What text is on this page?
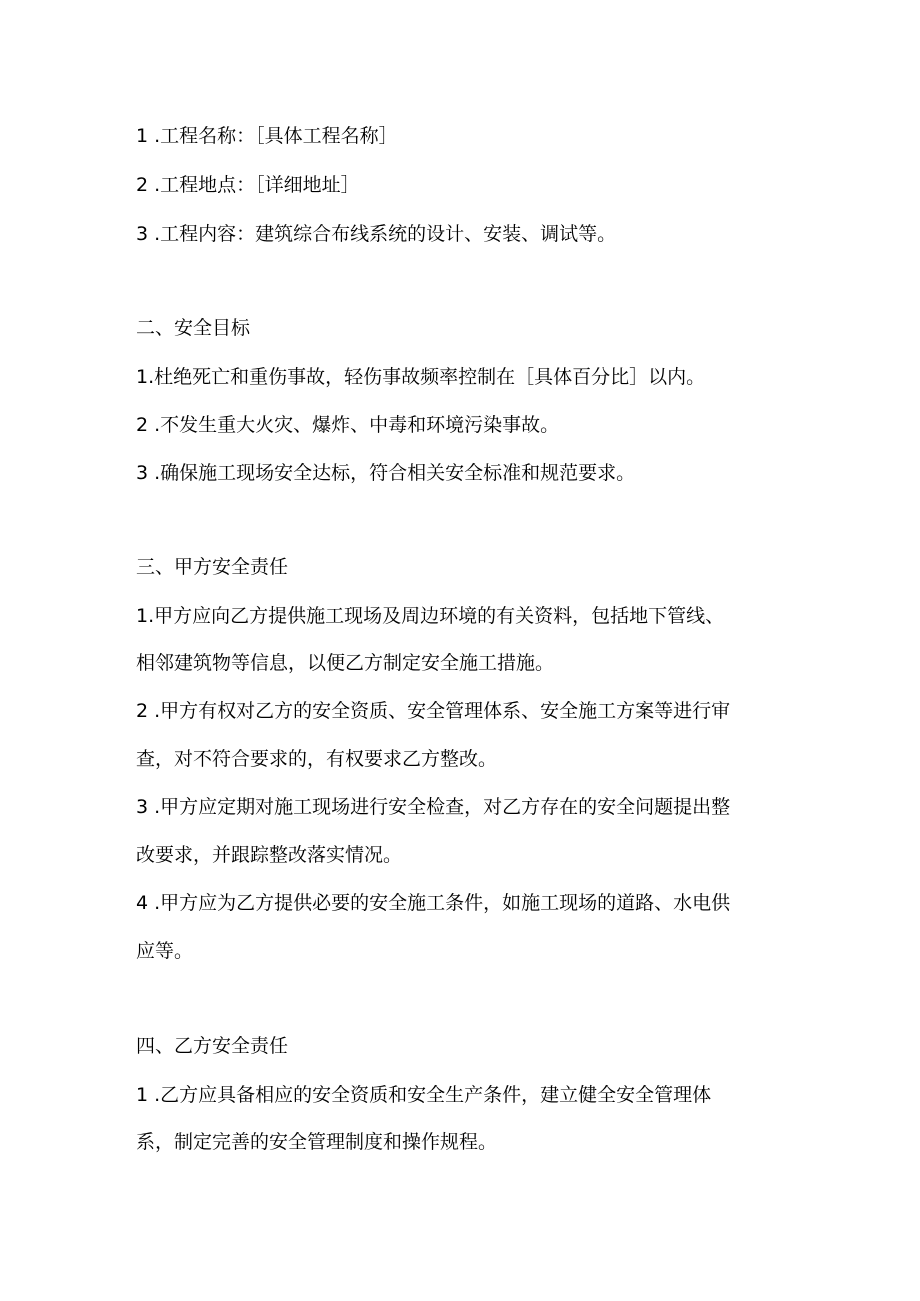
1 .工程名称：［具体工程名称］
2 .工程地点：［详细地址］
3 .工程内容：建筑综合布线系统的设计、安装、调试等。
二、安全目标
1.杜绝死亡和重伤事故，轻伤事故频率控制在［具体百分比］以内。
2 .不发生重大火灾、爆炸、中毒和环境污染事故。
3 .确保施工现场安全达标，符合相关安全标准和规范要求。
三、甲方安全责任
1.甲方应向乙方提供施工现场及周边环境的有关资料，包括地下管线、
相邻建筑物等信息，以便乙方制定安全施工措施。
2 .甲方有权对乙方的安全资质、安全管理体系、安全施工方案等进行审
查，对不符合要求的，有权要求乙方整改。
3 .甲方应定期对施工现场进行安全检查，对乙方存在的安全问题提出整
改要求，并跟踪整改落实情况。
4 .甲方应为乙方提供必要的安全施工条件，如施工现场的道路、水电供
应等。
四、乙方安全责任
1 .乙方应具备相应的安全资质和安全生产条件，建立健全安全管理体
系，制定完善的安全管理制度和操作规程。
